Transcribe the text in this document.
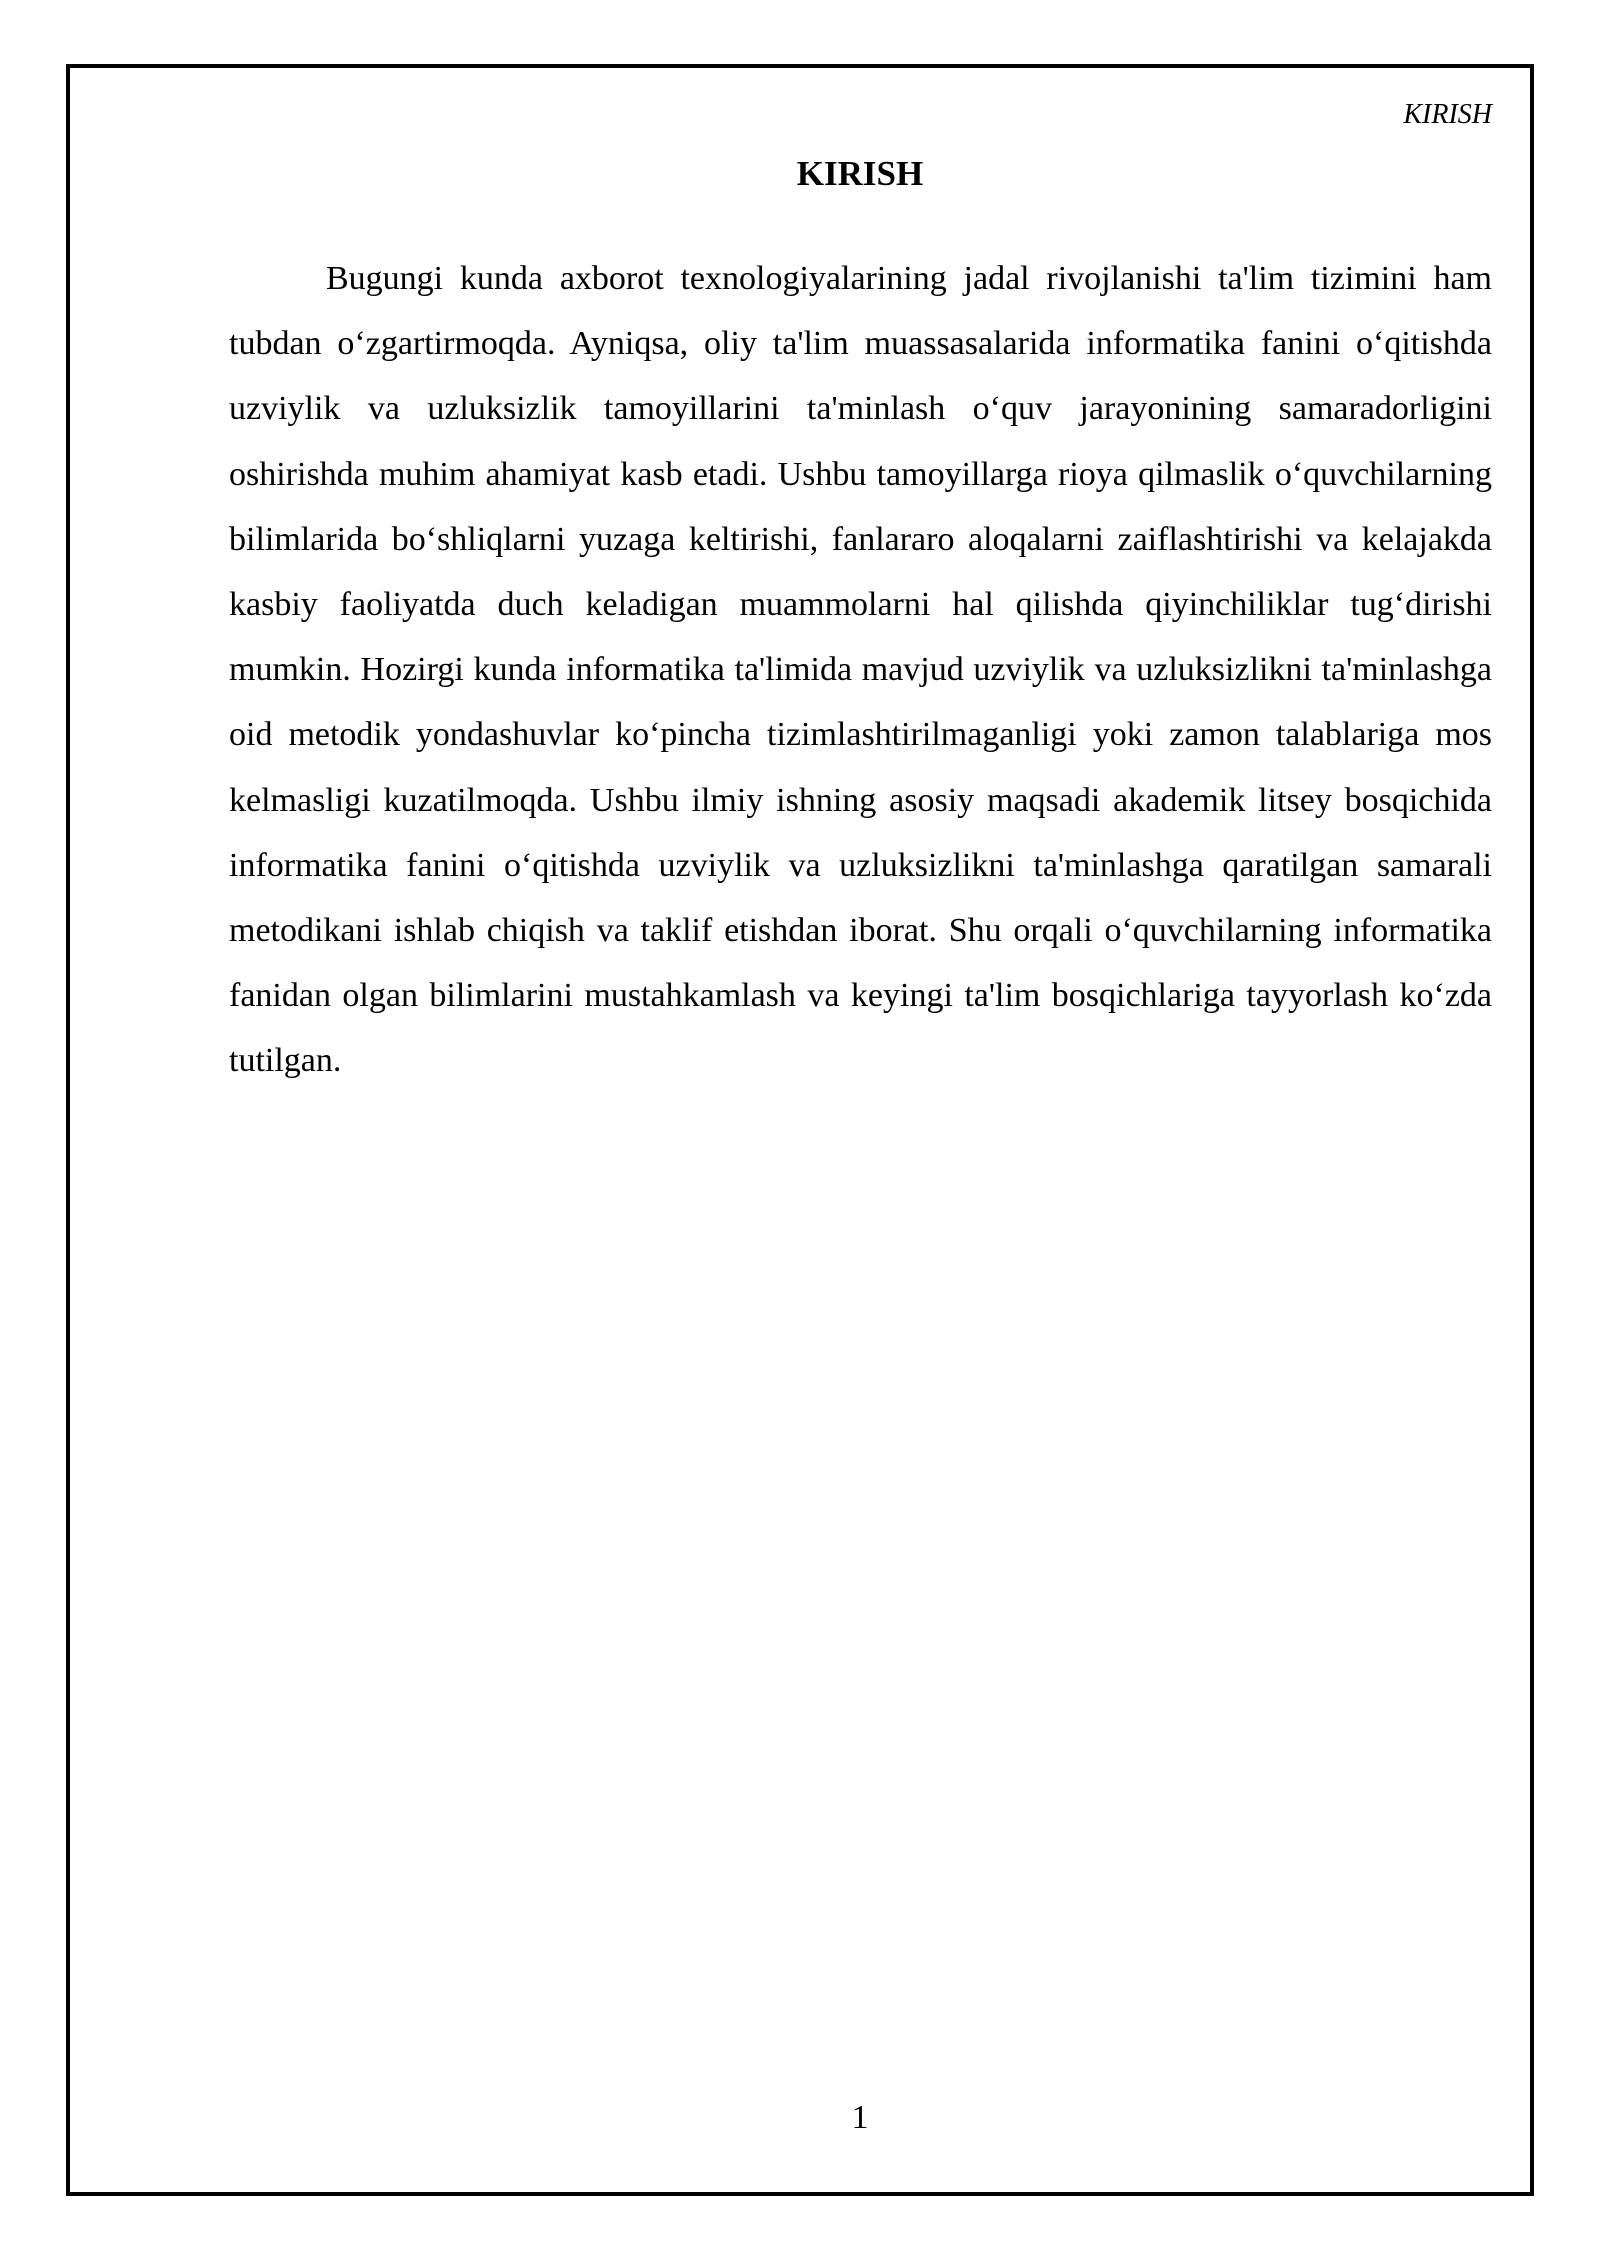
KIRISH
KIRISH

Bugungi kunda axborot texnologiyalarining jadal rivojlanishi ta'lim tizimini ham tubdan o‘zgartirmoqda. Ayniqsa, oliy ta'lim muassasalarida informatika fanini o‘qitishda uzviylik va uzluksizlik tamoyillarini ta'minlash o‘quv jarayonining samaradorligini oshirishda muhim ahamiyat kasb etadi. Ushbu tamoyillarga rioya qilmaslik o‘quvchilarning bilimlarida bo‘shliqlarni yuzaga keltirishi, fanlararo aloqalarni zaiflashtirishi va kelajakda kasbiy faoliyatda duch keladigan muammolarni hal qilishda qiyinchiliklar tug‘dirishi mumkin. Hozirgi kunda informatika ta'limida mavjud uzviylik va uzluksizlikni ta'minlashga oid metodik yondashuvlar ko‘pincha tizimlashtirilmaganligi yoki zamon talablariga mos kelmasligi kuzatilmoqda. Ushbu ilmiy ishning asosiy maqsadi akademik litsey bosqichida informatika fanini o‘qitishda uzviylik va uzluksizlikni ta'minlashga qaratilgan samarali metodikani ishlab chiqish va taklif etishdan iborat. Shu orqali o‘quvchilarning informatika fanidan olgan bilimlarini mustahkamlash va keyingi ta'lim bosqichlariga tayyorlash ko‘zda tutilgan.

1
